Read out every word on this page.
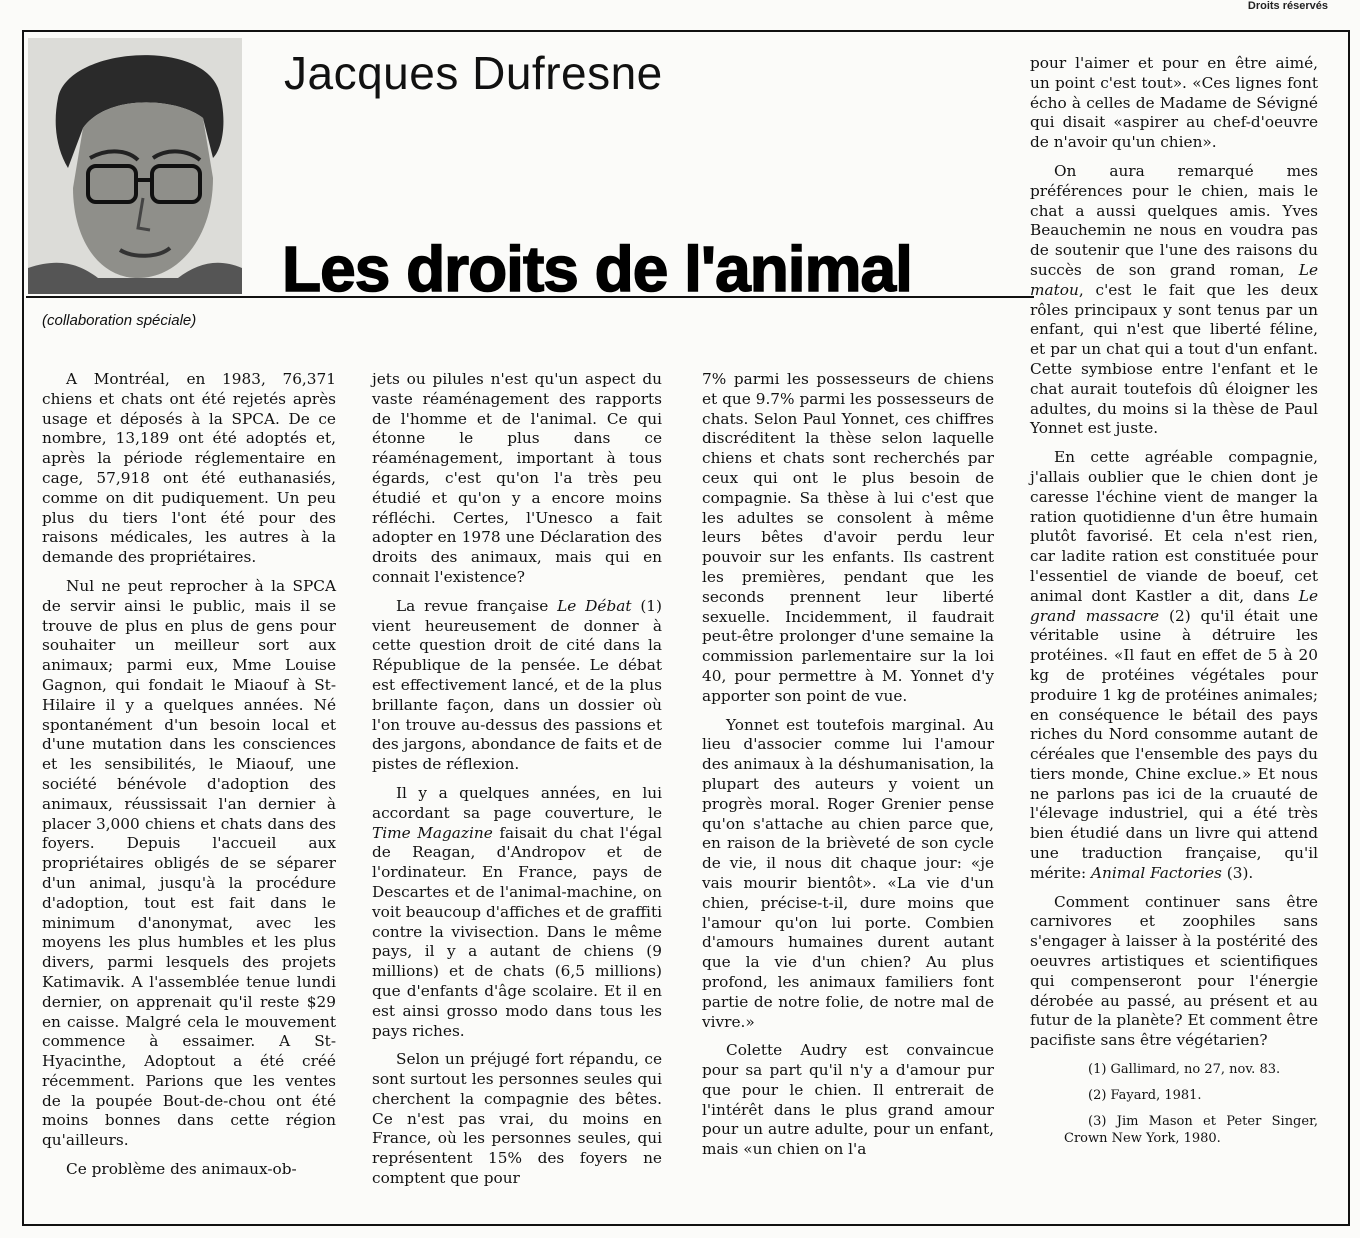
Droits réservés
Jacques Dufresne
(collaboration spéciale)
Les droits de l'animal

A Montréal, en 1983, 76,371 chiens et chats ont été rejetés après usage et déposés à la SPCA. De ce nombre, 13,189 ont été adoptés et, après la période réglementaire en cage, 57,918 ont été euthanasiés, comme on dit pudiquement. Un peu plus du tiers l'ont été pour des raisons médicales, les autres à la demande des propriétaires.

Nul ne peut reprocher à la SPCA de servir ainsi le public, mais il se trouve de plus en plus de gens pour souhaiter un meilleur sort aux animaux; parmi eux, Mme Louise Gagnon, qui fondait le Miaouf à St-Hilaire il y a quelques années. Né spontanément d'un besoin local et d'une mutation dans les consciences et les sensibilités, le Miaouf, une société bénévole d'adoption des animaux, réussissait l'an dernier à placer 3,000 chiens et chats dans des foyers. Depuis l'accueil aux propriétaires obligés de se séparer d'un animal, jusqu'à la procédure d'adoption, tout est fait dans le minimum d'anonymat, avec les moyens les plus humbles et les plus divers, parmi lesquels des projets Katimavik. A l'assemblée tenue lundi dernier, on apprenait qu'il reste $29 en caisse. Malgré cela le mouvement commence à essaimer. A St-Hyacinthe, Adoptout a été créé récemment. Parions que les ventes de la poupée Bout-de-chou ont été moins bonnes dans cette région qu'ailleurs.

Ce problème des animaux-ob-

jets ou pilules n'est qu'un aspect du vaste réaménagement des rapports de l'homme et de l'animal. Ce qui étonne le plus dans ce réaménagement, important à tous égards, c'est qu'on l'a très peu étudié et qu'on y a encore moins réfléchi. Certes, l'Unesco a fait adopter en 1978 une Déclaration des droits des animaux, mais qui en connait l'existence?

La revue française Le Débat (1) vient heureusement de donner à cette question droit de cité dans la République de la pensée. Le débat est effectivement lancé, et de la plus brillante façon, dans un dossier où l'on trouve au-dessus des passions et des jargons, abondance de faits et de pistes de réflexion.

Il y a quelques années, en lui accordant sa page couverture, le Time Magazine faisait du chat l'égal de Reagan, d'Andropov et de l'ordinateur. En France, pays de Descartes et de l'animal-machine, on voit beaucoup d'affiches et de graffiti contre la vivisection. Dans le même pays, il y a autant de chiens (9 millions) et de chats (6,5 millions) que d'enfants d'âge scolaire. Et il en est ainsi grosso modo dans tous les pays riches.

Selon un préjugé fort répandu, ce sont surtout les personnes seules qui cherchent la compagnie des bêtes. Ce n'est pas vrai, du moins en France, où les personnes seules, qui représentent 15% des foyers ne comptent que pour

7% parmi les possesseurs de chiens et que 9.7% parmi les possesseurs de chats. Selon Paul Yonnet, ces chiffres discréditent la thèse selon laquelle chiens et chats sont recherchés par ceux qui ont le plus besoin de compagnie. Sa thèse à lui c'est que les adultes se consolent à même leurs bêtes d'avoir perdu leur pouvoir sur les enfants. Ils castrent les premières, pendant que les seconds prennent leur liberté sexuelle. Incidemment, il faudrait peut-être prolonger d'une semaine la commission parlementaire sur la loi 40, pour permettre à M. Yonnet d'y apporter son point de vue.

Yonnet est toutefois marginal. Au lieu d'associer comme lui l'amour des animaux à la déshumanisation, la plupart des auteurs y voient un progrès moral. Roger Grenier pense qu'on s'attache au chien parce que, en raison de la brièveté de son cycle de vie, il nous dit chaque jour: «je vais mourir bientôt». «La vie d'un chien, précise-t-il, dure moins que l'amour qu'on lui porte. Combien d'amours humaines durent autant que la vie d'un chien? Au plus profond, les animaux familiers font partie de notre folie, de notre mal de vivre.»

Colette Audry est convaincue pour sa part qu'il n'y a d'amour pur que pour le chien. Il entrerait de l'intérêt dans le plus grand amour pour un autre adulte, pour un enfant, mais «un chien on l'a

pour l'aimer et pour en être aimé, un point c'est tout». «Ces lignes font écho à celles de Madame de Sévigné qui disait «aspirer au chef-d'oeuvre de n'avoir qu'un chien».

On aura remarqué mes préférences pour le chien, mais le chat a aussi quelques amis. Yves Beauchemin ne nous en voudra pas de soutenir que l'une des raisons du succès de son grand roman, Le matou, c'est le fait que les deux rôles principaux y sont tenus par un enfant, qui n'est que liberté féline, et par un chat qui a tout d'un enfant. Cette symbiose entre l'enfant et le chat aurait toutefois dû éloigner les adultes, du moins si la thèse de Paul Yonnet est juste.

En cette agréable compagnie, j'allais oublier que le chien dont je caresse l'échine vient de manger la ration quotidienne d'un être humain plutôt favorisé. Et cela n'est rien, car ladite ration est constituée pour l'essentiel de viande de boeuf, cet animal dont Kastler a dit, dans Le grand massacre (2) qu'il était une véritable usine à détruire les protéines. «Il faut en effet de 5 à 20 kg de protéines végétales pour produire 1 kg de protéines animales; en conséquence le bétail des pays riches du Nord consomme autant de céréales que l'ensemble des pays du tiers monde, Chine exclue.» Et nous ne parlons pas ici de la cruauté de l'élevage industriel, qui a été très bien étudié dans un livre qui attend une traduction française, qu'il mérite: Animal Factories (3).

Comment continuer sans être carnivores et zoophiles sans s'engager à laisser à la postérité des oeuvres artistiques et scientifiques qui compenseront pour l'énergie dérobée au passé, au présent et au futur de la planète? Et comment être pacifiste sans être végétarien?

(1) Gallimard, no 27, nov. 83.

(2) Fayard, 1981.

(3) Jim Mason et Peter Singer, Crown New York, 1980.
